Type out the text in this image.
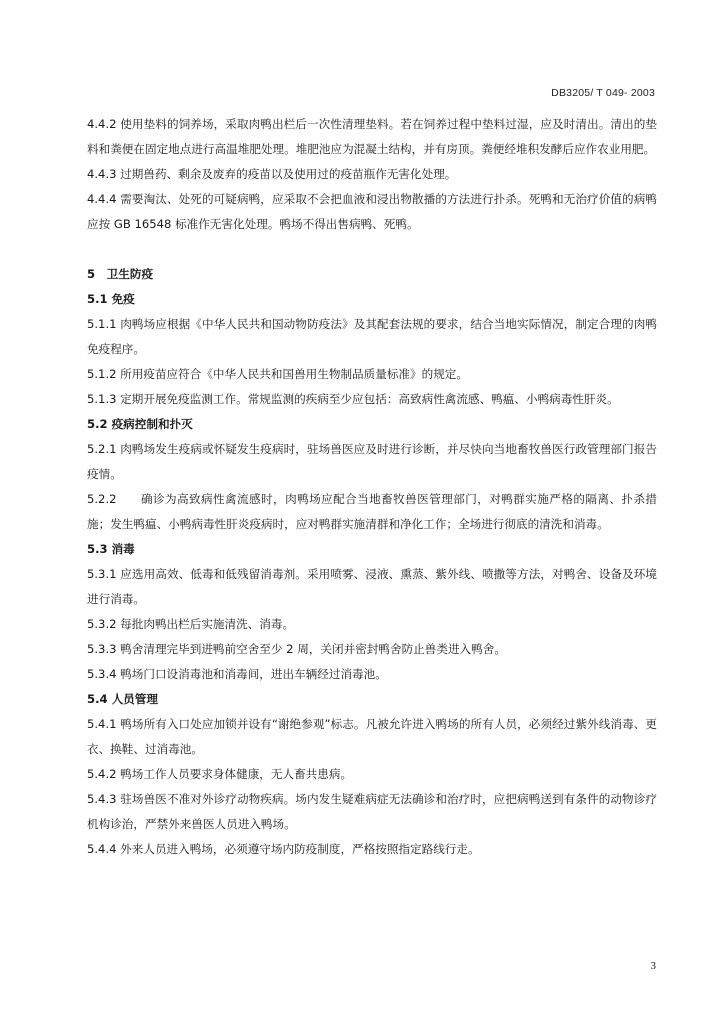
DB3205/ T 049- 2003

4.4.2 使用垫料的饲养场，采取肉鸭出栏后一次性清理垫料。若在饲养过程中垫料过湿，应及时清出。清出的垫料和粪便在固定地点进行高温堆肥处理。堆肥池应为混凝土结构，并有房顶。粪便经堆积发酵后应作农业用肥。

4.4.3 过期兽药、剩余及废弃的疫苗以及使用过的疫苗瓶作无害化处理。

4.4.4 需要淘汰、处死的可疑病鸭，应采取不会把血液和浸出物散播的方法进行扑杀。死鸭和无治疗价值的病鸭应按 GB 16548 标准作无害化处理。鸭场不得出售病鸭、死鸭。

5　卫生防疫

5.1 免疫

5.1.1 肉鸭场应根据《中华人民共和国动物防疫法》及其配套法规的要求，结合当地实际情况，制定合理的肉鸭免疫程序。

5.1.2 所用疫苗应符合《中华人民共和国兽用生物制品质量标准》的规定。

5.1.3 定期开展免疫监测工作。常规监测的疾病至少应包括：高致病性禽流感、鸭瘟、小鸭病毒性肝炎。

5.2 疫病控制和扑灭

5.2.1 肉鸭场发生疫病或怀疑发生疫病时，驻场兽医应及时进行诊断，并尽快向当地畜牧兽医行政管理部门报告疫情。

5.2.2　　确诊为高致病性禽流感时，肉鸭场应配合当地畜牧兽医管理部门，对鸭群实施严格的隔离、扑杀措施；发生鸭瘟、小鸭病毒性肝炎疫病时，应对鸭群实施清群和净化工作；全场进行彻底的清洗和消毒。

5.3 消毒

5.3.1 应选用高效、低毒和低残留消毒剂。采用喷雾、浸液、熏蒸、紫外线、喷撒等方法，对鸭舍、设备及环境进行消毒。

5.3.2 每批肉鸭出栏后实施清洗、消毒。

5.3.3 鸭舍清理完毕到进鸭前空舍至少 2 周，关闭并密封鸭舍防止兽类进入鸭舍。

5.3.4 鸭场门口设消毒池和消毒间，进出车辆经过消毒池。

5.4 人员管理

5.4.1 鸭场所有入口处应加锁并设有“谢绝参观”标志。凡被允许进入鸭场的所有人员，必须经过紫外线消毒、更衣、换鞋、过消毒池。

5.4.2 鸭场工作人员要求身体健康，无人畜共患病。

5.4.3 驻场兽医不准对外诊疗动物疾病。场内发生疑难病症无法确诊和治疗时，应把病鸭送到有条件的动物诊疗机构诊治，严禁外来兽医人员进入鸭场。

5.4.4 外来人员进入鸭场，必须遵守场内防疫制度，严格按照指定路线行走。

3
